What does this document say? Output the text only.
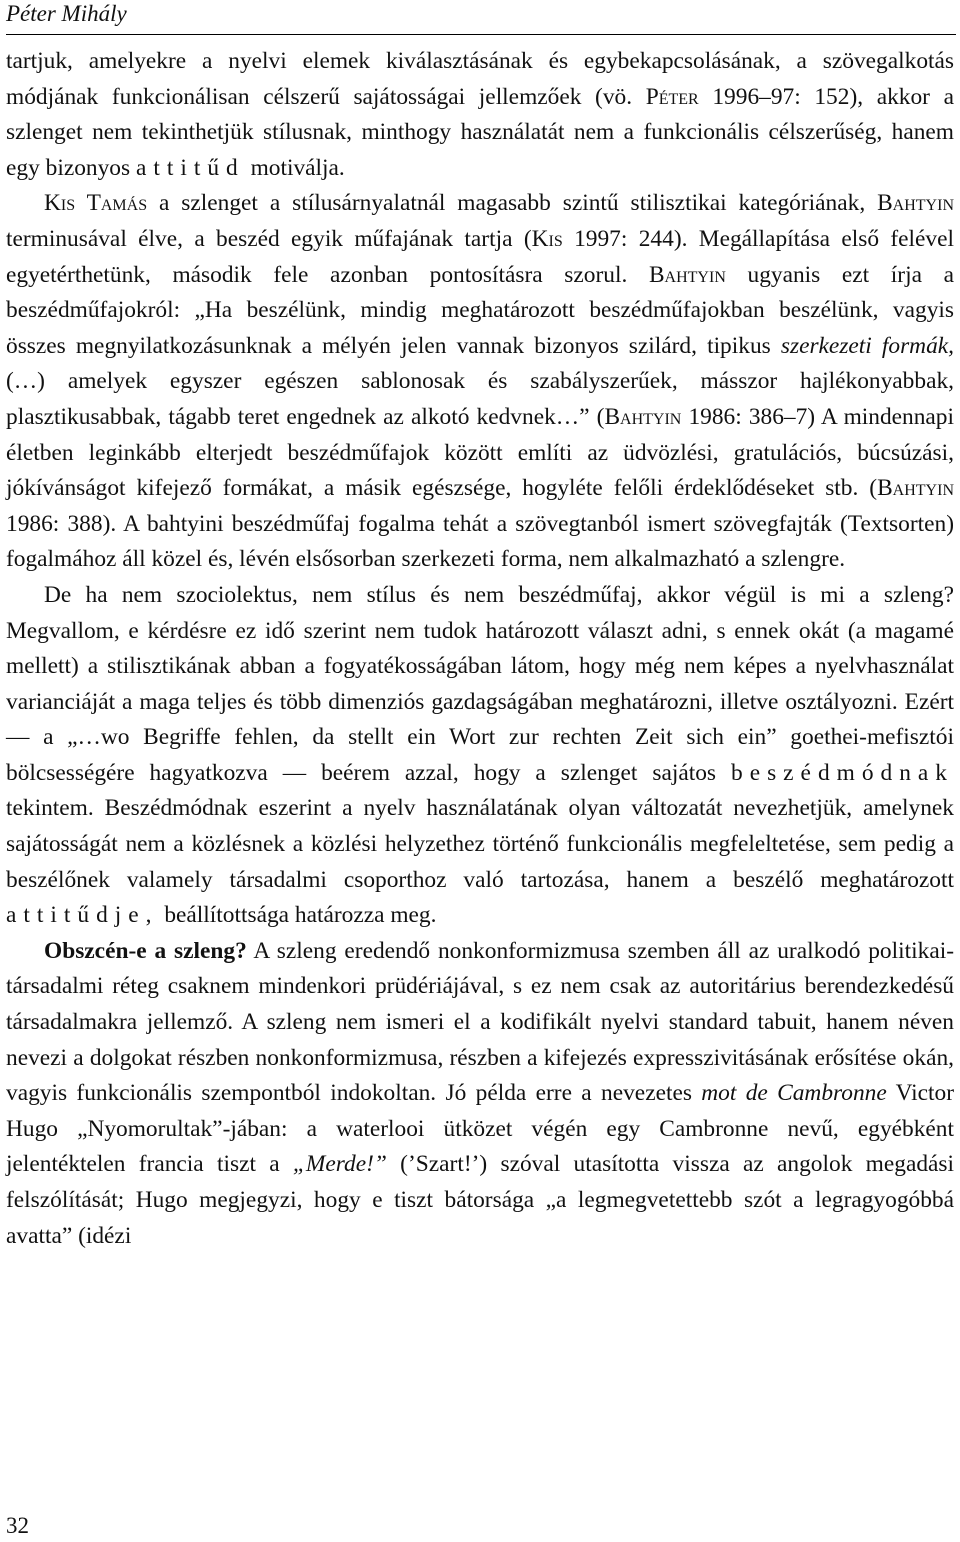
Péter Mihály

tartjuk, amelyekre a nyelvi elemek kiválasztásának és egybekapcsolásának, a szövegalkotás módjának funkcionálisan célszerű sajátosságai jellemzőek (vö. Péter 1996–97: 152), akkor a szlenget nem tekinthetjük stílusnak, minthogy használatát nem a funkcionális célszerűség, hanem egy bizonyos attitűd motiválja.

Kis Tamás a szlenget a stílusárnyalatnál magasabb szintű stilisztikai kategóriának, Bahtyin terminusával élve, a beszéd egyik műfajának tartja (Kis 1997: 244). Megállapítása első felével egyetérthetünk, második fele azonban pontosításra szorul. Bahtyin ugyanis ezt írja a beszédműfajokról: „Ha beszélünk, mindig meghatározott beszédműfajokban beszélünk, vagyis összes megnyilatkozásunknak a mélyén jelen vannak bizonyos szilárd, tipikus szerkezeti formák, (…) amelyek egyszer egészen sablonosak és szabályszerűek, másszor hajlékonyabbak, plasztikusabbak, tágabb teret engednek az alkotó kedvnek…” (Bahtyin 1986: 386–7) A mindennapi életben leginkább elterjedt beszédműfajok között említi az üdvözlési, gratulációs, búcsúzási, jókívánságot kifejező formákat, a másik egészsége, hogyléte felőli érdeklődéseket stb. (Bahtyin 1986: 388). A bahtyini beszédműfaj fogalma tehát a szövegtanból ismert szövegfajták (Textsorten) fogalmához áll közel és, lévén elsősorban szerkezeti forma, nem alkalmazható a szlengre.

De ha nem szociolektus, nem stílus és nem beszédműfaj, akkor végül is mi a szleng? Megvallom, e kérdésre ez idő szerint nem tudok határozott választ adni, s ennek okát (a magamé mellett) a stilisztikának abban a fogyatékosságában látom, hogy még nem képes a nyelvhasználat varianciáját a maga teljes és több dimenziós gazdagságában meghatározni, illetve osztályozni. Ezért — a „…wo Begriffe fehlen, da stellt ein Wort zur rechten Zeit sich ein” goethei-mefisztói bölcsességére hagyatkozva — beérem azzal, hogy a szlenget sajátos beszédmódnak tekintem. Beszédmódnak eszerint a nyelv használatának olyan változatát nevezhetjük, amelynek sajátosságát nem a közlésnek a közlési helyzethez történő funkcionális megfeleltetése, sem pedig a beszélőnek valamely társadalmi csoporthoz való tartozása, hanem a beszélő meghatározott attitűdje, beállítottsága határozza meg.

Obszcén-e a szleng? A szleng eredendő nonkonformizmusa szemben áll az uralkodó politikai-társadalmi réteg csaknem mindenkori prüdériájával, s ez nem csak az autoritárius berendezkedésű társadalmakra jellemző. A szleng nem ismeri el a kodifikált nyelvi standard tabuit, hanem néven nevezi a dolgokat részben nonkonformizmusa, részben a kifejezés expresszivitásának erősítése okán, vagyis funkcionális szempontból indokoltan. Jó példa erre a nevezetes mot de Cambronne Victor Hugo „Nyomorultak”-jában: a waterlooi ütközet végén egy Cambronne nevű, egyébként jelentéktelen francia tiszt a „Merde!” (’Szart!’) szóval utasította vissza az angolok megadási felszólítását; Hugo megjegyzi, hogy e tiszt bátorsága „a legmegvetettebb szót a legragyogóbbá avatta” (idézi

32
